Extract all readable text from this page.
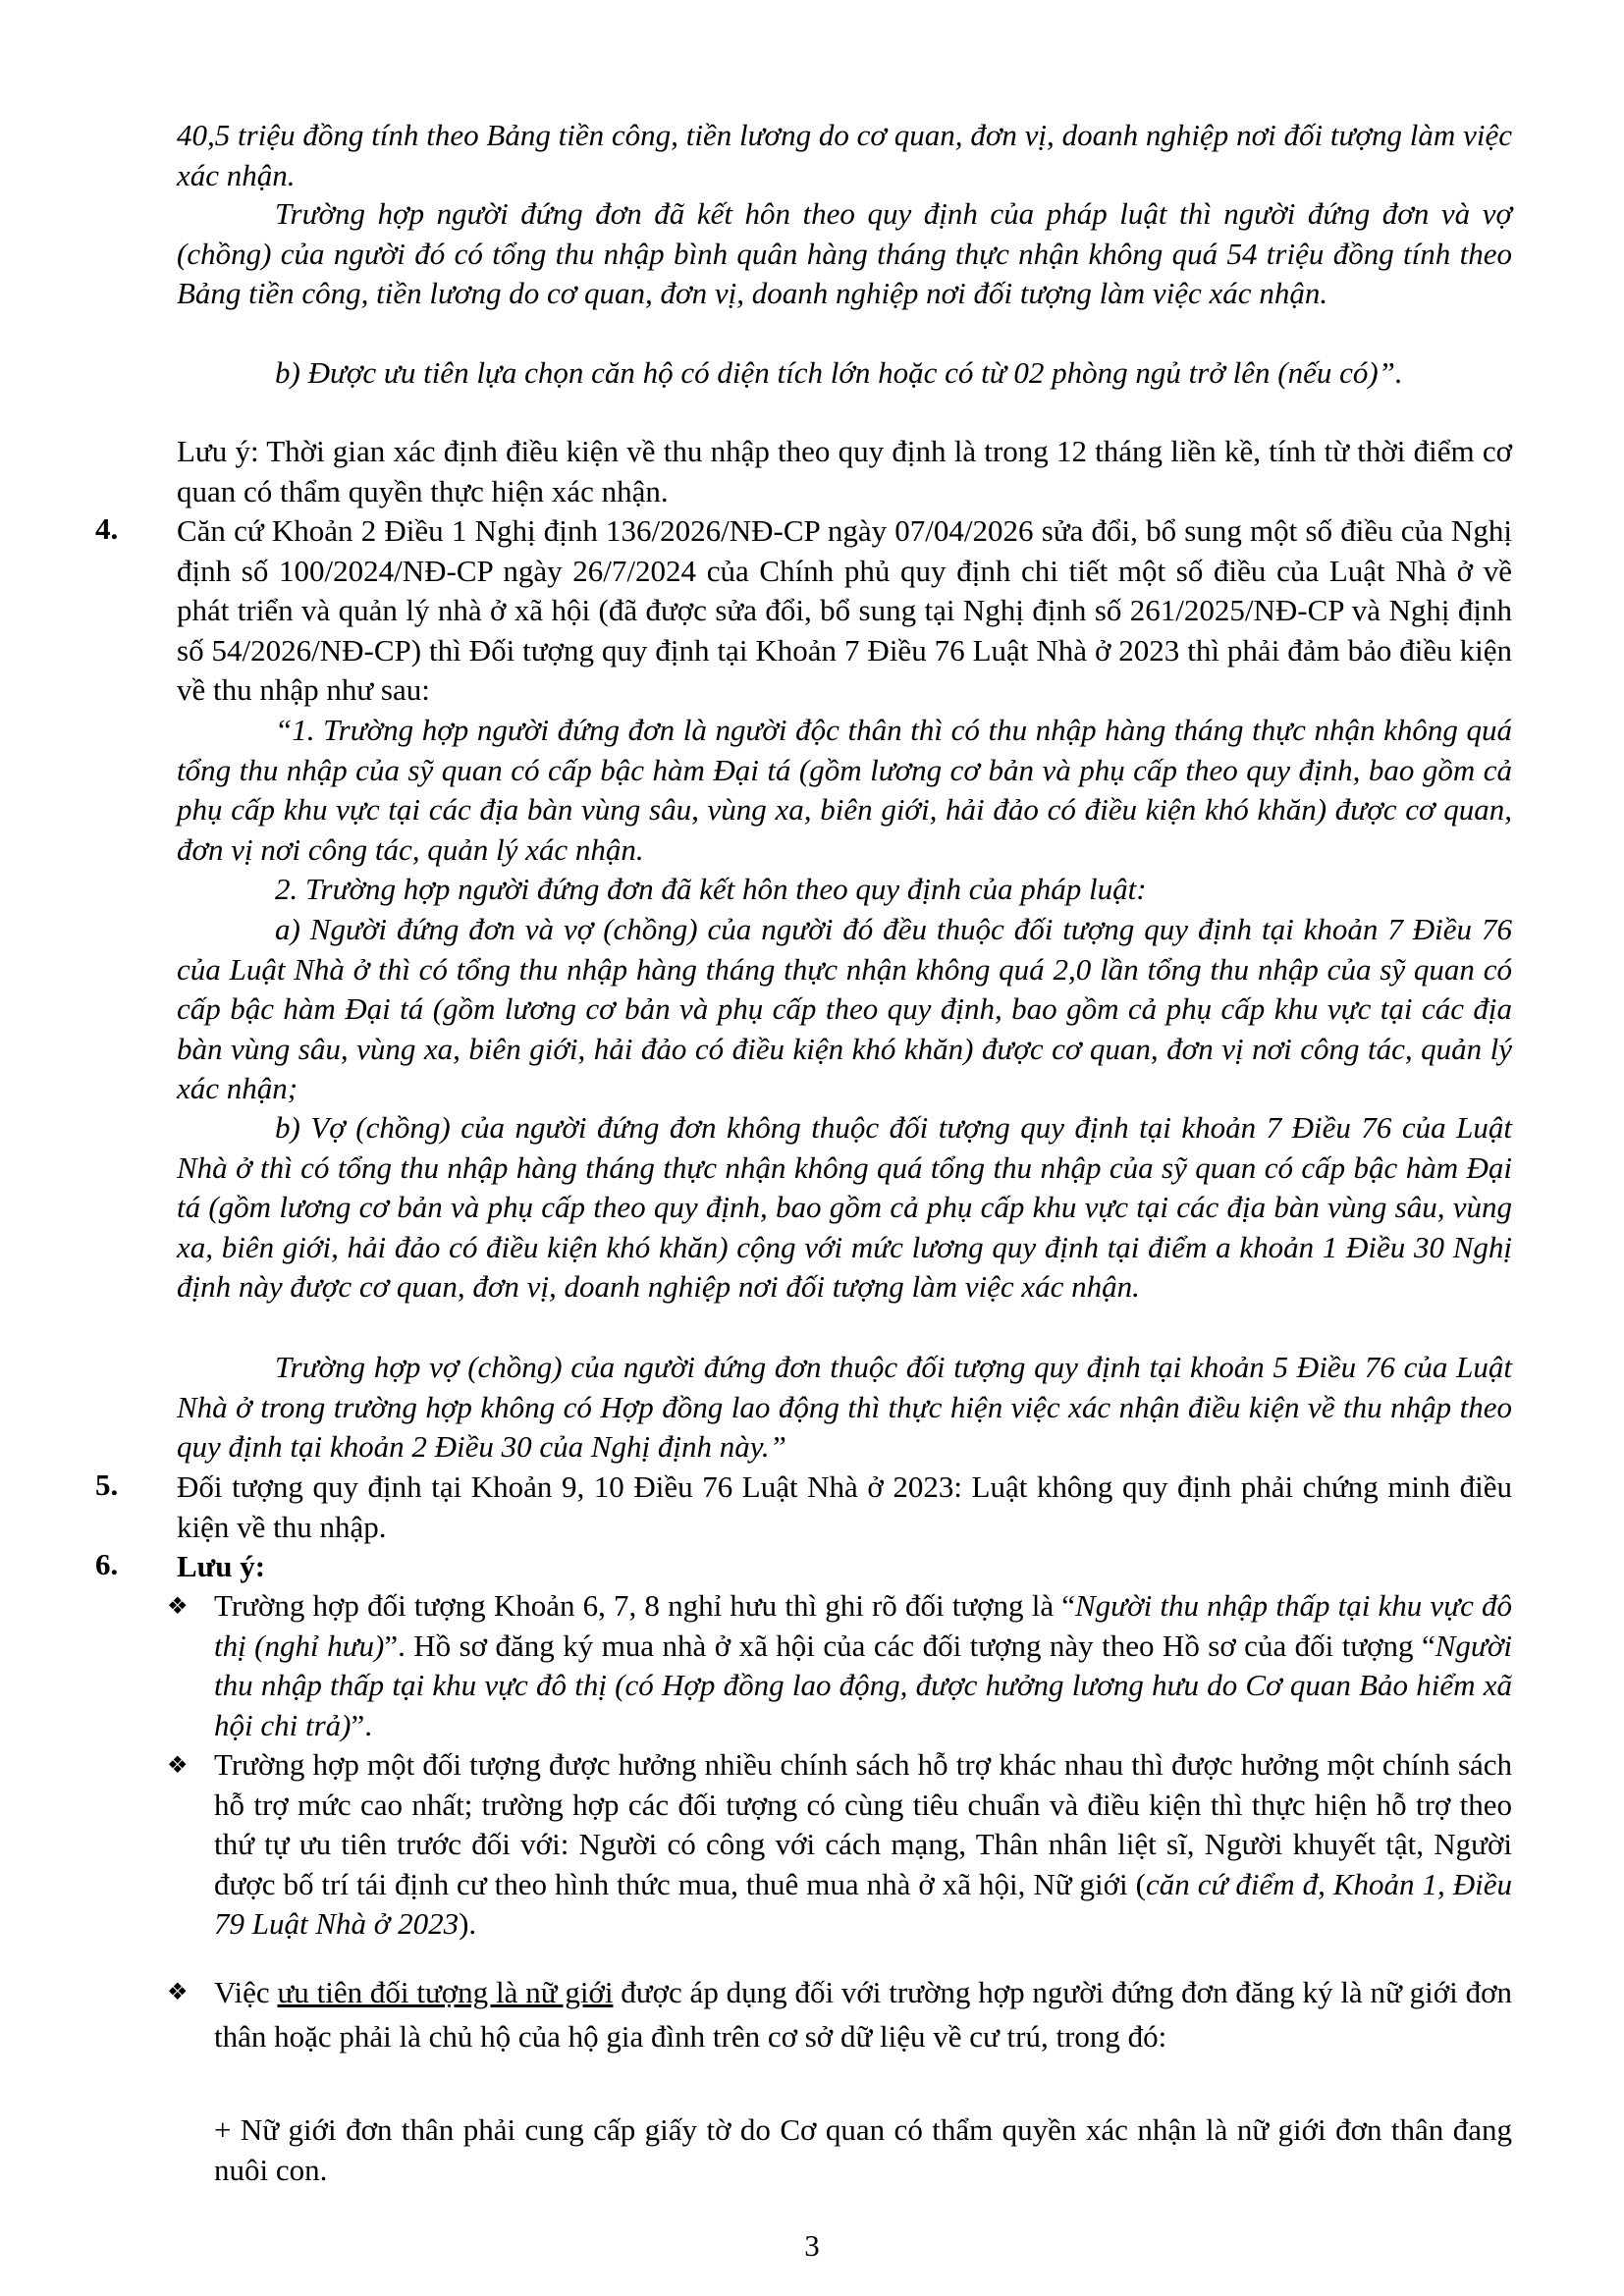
40,5 triệu đồng tính theo Bảng tiền công, tiền lương do cơ quan, đơn vị, doanh nghiệp nơi đối tượng làm việc xác nhận.
Trường hợp người đứng đơn đã kết hôn theo quy định của pháp luật thì người đứng đơn và vợ (chồng) của người đó có tổng thu nhập bình quân hàng tháng thực nhận không quá 54 triệu đồng tính theo Bảng tiền công, tiền lương do cơ quan, đơn vị, doanh nghiệp nơi đối tượng làm việc xác nhận.
b) Được ưu tiên lựa chọn căn hộ có diện tích lớn hoặc có từ 02 phòng ngủ trở lên (nếu có)”.
Lưu ý: Thời gian xác định điều kiện về thu nhập theo quy định là trong 12 tháng liền kề, tính từ thời điểm cơ quan có thẩm quyền thực hiện xác nhận.
4. Căn cứ Khoản 2 Điều 1 Nghị định 136/2026/NĐ-CP ngày 07/04/2026 sửa đổi, bổ sung một số điều của Nghị định số 100/2024/NĐ-CP ngày 26/7/2024 của Chính phủ quy định chi tiết một số điều của Luật Nhà ở về phát triển và quản lý nhà ở xã hội (đã được sửa đổi, bổ sung tại Nghị định số 261/2025/NĐ-CP và Nghị định số 54/2026/NĐ-CP) thì Đối tượng quy định tại Khoản 7 Điều 76 Luật Nhà ở 2023 thì phải đảm bảo điều kiện về thu nhập như sau:
“1. Trường hợp người đứng đơn là người độc thân thì có thu nhập hàng tháng thực nhận không quá tổng thu nhập của sỹ quan có cấp bậc hàm Đại tá (gồm lương cơ bản và phụ cấp theo quy định, bao gồm cả phụ cấp khu vực tại các địa bàn vùng sâu, vùng xa, biên giới, hải đảo có điều kiện khó khăn) được cơ quan, đơn vị nơi công tác, quản lý xác nhận.
2. Trường hợp người đứng đơn đã kết hôn theo quy định của pháp luật:
a) Người đứng đơn và vợ (chồng) của người đó đều thuộc đối tượng quy định tại khoản 7 Điều 76 của Luật Nhà ở thì có tổng thu nhập hàng tháng thực nhận không quá 2,0 lần tổng thu nhập của sỹ quan có cấp bậc hàm Đại tá (gồm lương cơ bản và phụ cấp theo quy định, bao gồm cả phụ cấp khu vực tại các địa bàn vùng sâu, vùng xa, biên giới, hải đảo có điều kiện khó khăn) được cơ quan, đơn vị nơi công tác, quản lý xác nhận;
b) Vợ (chồng) của người đứng đơn không thuộc đối tượng quy định tại khoản 7 Điều 76 của Luật Nhà ở thì có tổng thu nhập hàng tháng thực nhận không quá tổng thu nhập của sỹ quan có cấp bậc hàm Đại tá (gồm lương cơ bản và phụ cấp theo quy định, bao gồm cả phụ cấp khu vực tại các địa bàn vùng sâu, vùng xa, biên giới, hải đảo có điều kiện khó khăn) cộng với mức lương quy định tại điểm a khoản 1 Điều 30 Nghị định này được cơ quan, đơn vị, doanh nghiệp nơi đối tượng làm việc xác nhận.
Trường hợp vợ (chồng) của người đứng đơn thuộc đối tượng quy định tại khoản 5 Điều 76 của Luật Nhà ở trong trường hợp không có Hợp đồng lao động thì thực hiện việc xác nhận điều kiện về thu nhập theo quy định tại khoản 2 Điều 30 của Nghị định này.”
5. Đối tượng quy định tại Khoản 9, 10 Điều 76 Luật Nhà ở 2023: Luật không quy định phải chứng minh điều kiện về thu nhập.
6. Lưu ý:
❖ Trường hợp đối tượng Khoản 6, 7, 8 nghỉ hưu thì ghi rõ đối tượng là “Người thu nhập thấp tại khu vực đô thị (nghỉ hưu)”. Hồ sơ đăng ký mua nhà ở xã hội của các đối tượng này theo Hồ sơ của đối tượng “Người thu nhập thấp tại khu vực đô thị (có Hợp đồng lao động, được hưởng lương hưu do Cơ quan Bảo hiểm xã hội chi trả)”.
❖ Trường hợp một đối tượng được hưởng nhiều chính sách hỗ trợ khác nhau thì được hưởng một chính sách hỗ trợ mức cao nhất; trường hợp các đối tượng có cùng tiêu chuẩn và điều kiện thì thực hiện hỗ trợ theo thứ tự ưu tiên trước đối với: Người có công với cách mạng, Thân nhân liệt sĩ, Người khuyết tật, Người được bố trí tái định cư theo hình thức mua, thuê mua nhà ở xã hội, Nữ giới (căn cứ điểm đ, Khoản 1, Điều 79 Luật Nhà ở 2023).
❖ Việc ưu tiên đối tượng là nữ giới được áp dụng đối với trường hợp người đứng đơn đăng ký là nữ giới đơn thân hoặc phải là chủ hộ của hộ gia đình trên cơ sở dữ liệu về cư trú, trong đó:
+ Nữ giới đơn thân phải cung cấp giấy tờ do Cơ quan có thẩm quyền xác nhận là nữ giới đơn thân đang nuôi con.
3
